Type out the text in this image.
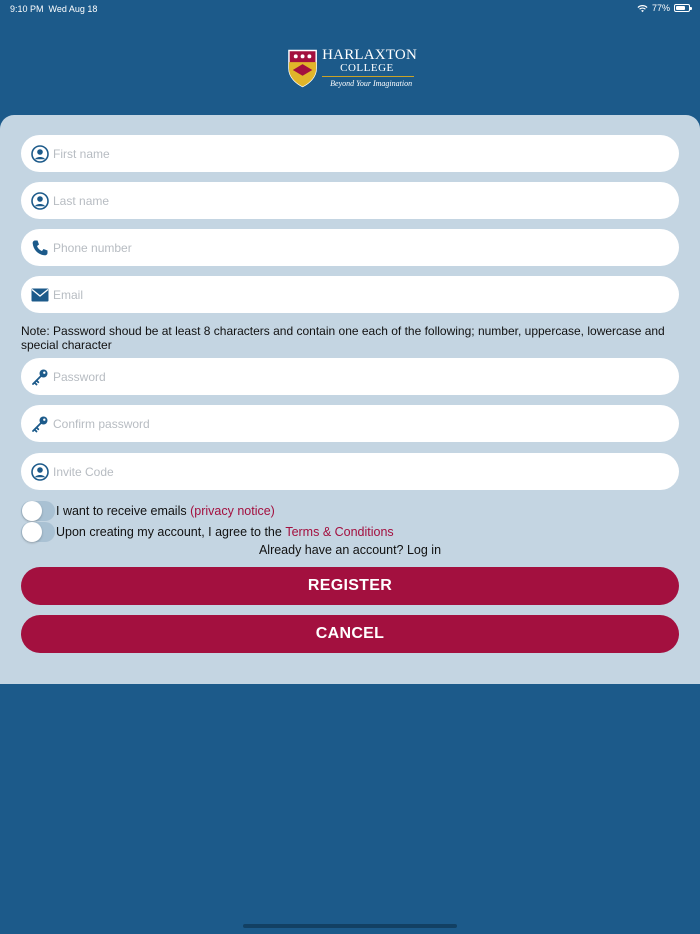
9:10 PM Wed Aug 18	77%
HARLAXTON
COLLEGE
Beyond Your Imagination
First name
Last name
Phone number
Email
Note: Password shoud be at least 8 characters and contain one each of the following; number, uppercase, lowercase and special character
Invite Code
I want to receive emails
(privacy notice)
Upon creating my account, I agree to the
Terms & Conditions
Already have an account? Log in
REGISTER
CANCEL
